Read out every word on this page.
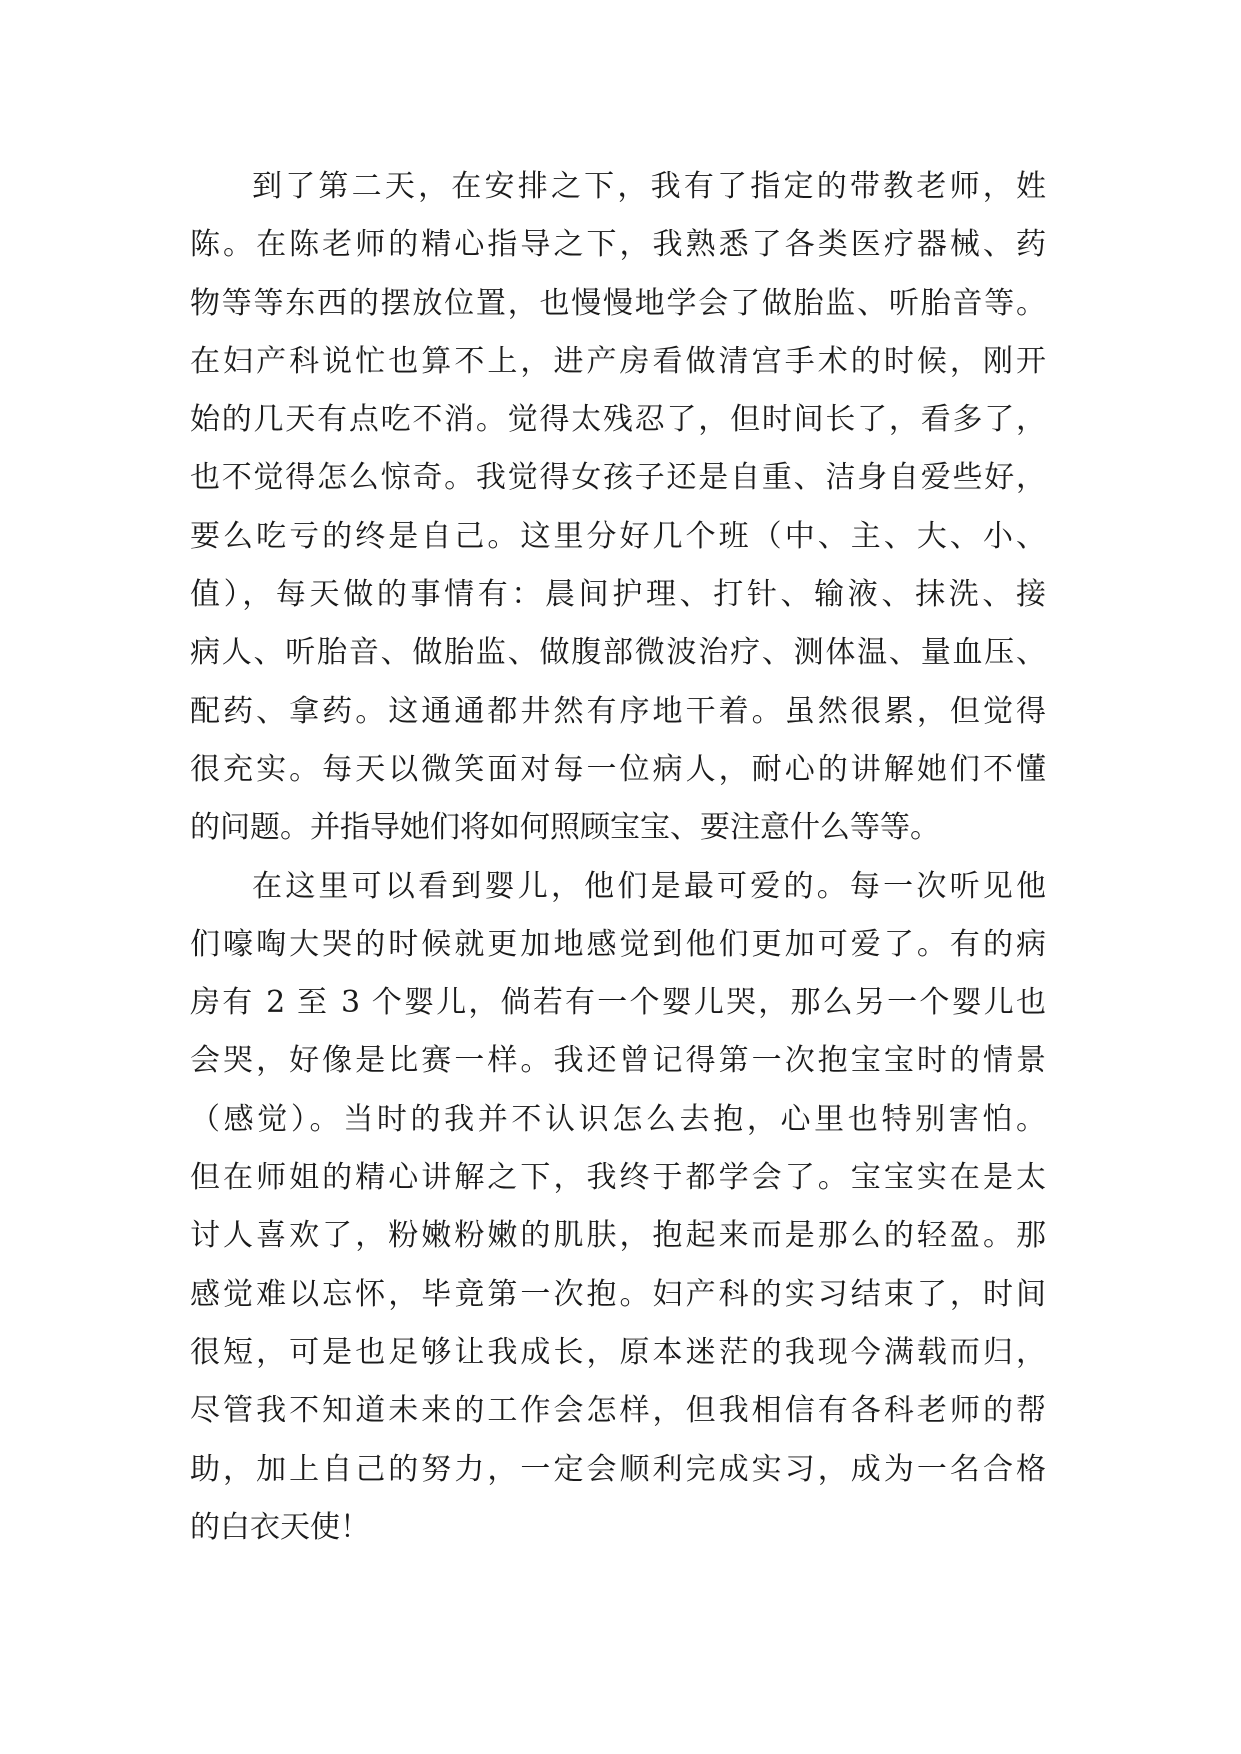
到了第二天，在安排之下，我有了指定的带教老师，姓
陈。在陈老师的精心指导之下，我熟悉了各类医疗器械、药
物等等东西的摆放位置，也慢慢地学会了做胎监、听胎音等。
在妇产科说忙也算不上，进产房看做清宫手术的时候，刚开
始的几天有点吃不消。觉得太残忍了，但时间长了，看多了，
也不觉得怎么惊奇。我觉得女孩子还是自重、洁身自爱些好，
要么吃亏的终是自己。这里分好几个班（中、主、大、小、
值），每天做的事情有：晨间护理、打针、输液、抹洗、接
病人、听胎音、做胎监、做腹部微波治疗、测体温、量血压、
配药、拿药。这通通都井然有序地干着。虽然很累，但觉得
很充实。每天以微笑面对每一位病人，耐心的讲解她们不懂
的问题。并指导她们将如何照顾宝宝、要注意什么等等。
在这里可以看到婴儿，他们是最可爱的。每一次听见他
们嚎啕大哭的时候就更加地感觉到他们更加可爱了。有的病
房有 2 至 3 个婴儿，倘若有一个婴儿哭，那么另一个婴儿也
会哭，好像是比赛一样。我还曾记得第一次抱宝宝时的情景
（感觉）。当时的我并不认识怎么去抱，心里也特别害怕。
但在师姐的精心讲解之下，我终于都学会了。宝宝实在是太
讨人喜欢了，粉嫩粉嫩的肌肤，抱起来而是那么的轻盈。那
感觉难以忘怀，毕竟第一次抱。妇产科的实习结束了，时间
很短，可是也足够让我成长，原本迷茫的我现今满载而归，
尽管我不知道未来的工作会怎样，但我相信有各科老师的帮
助，加上自己的努力，一定会顺利完成实习，成为一名合格
的白衣天使！
